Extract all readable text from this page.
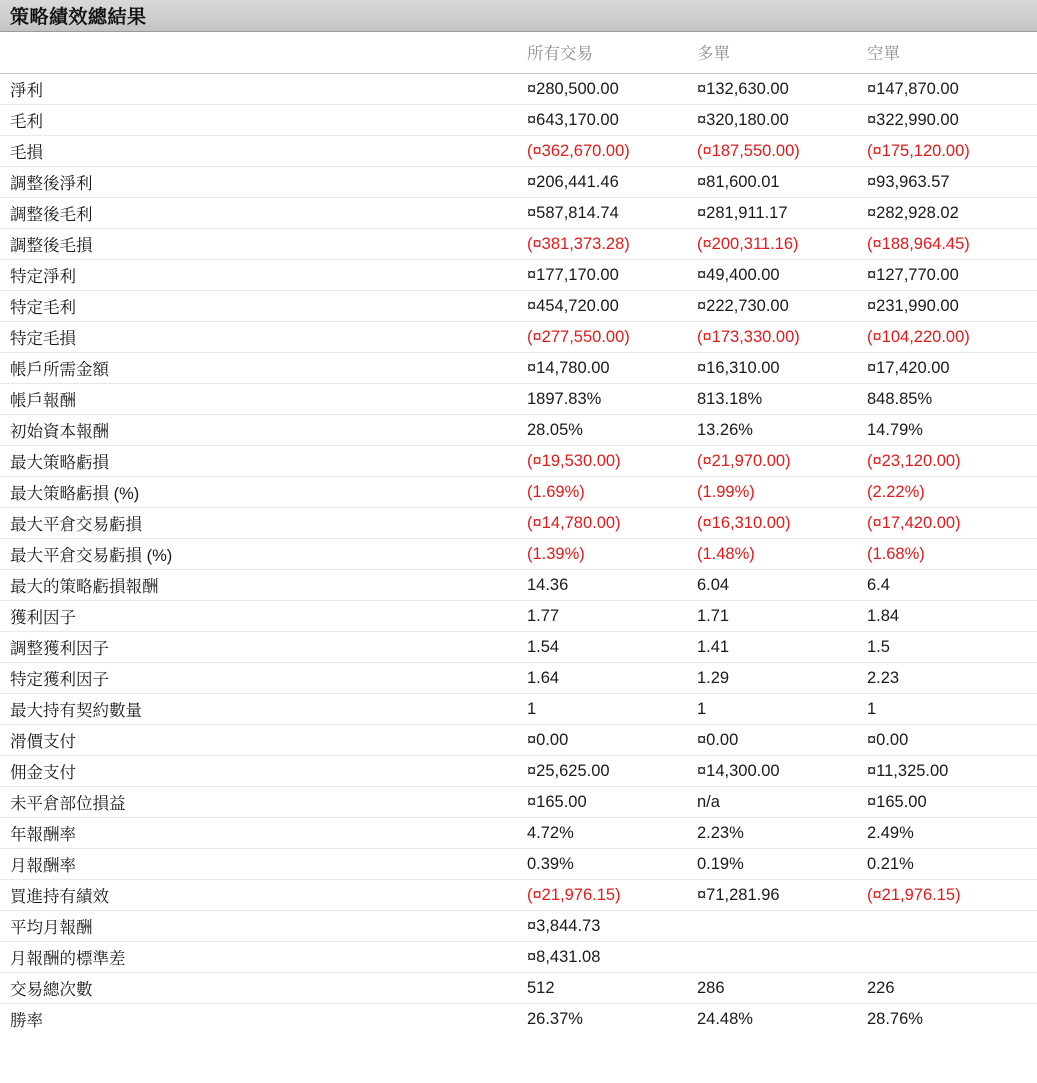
策略績效總結果
	所有交易	多單	空單
淨利	¤280,500.00	¤132,630.00	¤147,870.00
毛利	¤643,170.00	¤320,180.00	¤322,990.00
毛損	(¤362,670.00)	(¤187,550.00)	(¤175,120.00)
調整後淨利	¤206,441.46	¤81,600.01	¤93,963.57
調整後毛利	¤587,814.74	¤281,911.17	¤282,928.02
調整後毛損	(¤381,373.28)	(¤200,311.16)	(¤188,964.45)
特定淨利	¤177,170.00	¤49,400.00	¤127,770.00
特定毛利	¤454,720.00	¤222,730.00	¤231,990.00
特定毛損	(¤277,550.00)	(¤173,330.00)	(¤104,220.00)
帳戶所需金額	¤14,780.00	¤16,310.00	¤17,420.00
帳戶報酬	1897.83%	813.18%	848.85%
初始資本報酬	28.05%	13.26%	14.79%
最大策略虧損	(¤19,530.00)	(¤21,970.00)	(¤23,120.00)
最大策略虧損 (%)	(1.69%)	(1.99%)	(2.22%)
最大平倉交易虧損	(¤14,780.00)	(¤16,310.00)	(¤17,420.00)
最大平倉交易虧損 (%)	(1.39%)	(1.48%)	(1.68%)
最大的策略虧損報酬	14.36	6.04	6.4
獲利因子	1.77	1.71	1.84
調整獲利因子	1.54	1.41	1.5
特定獲利因子	1.64	1.29	2.23
最大持有契約數量	1	1	1
滑價支付	¤0.00	¤0.00	¤0.00
佣金支付	¤25,625.00	¤14,300.00	¤11,325.00
未平倉部位損益	¤165.00	n/a	¤165.00
年報酬率	4.72%	2.23%	2.49%
月報酬率	0.39%	0.19%	0.21%
買進持有績效	(¤21,976.15)	¤71,281.96	(¤21,976.15)
平均月報酬	¤3,844.73		
月報酬的標準差	¤8,431.08		
交易總次數	512	286	226
勝率	26.37%	24.48%	28.76%
